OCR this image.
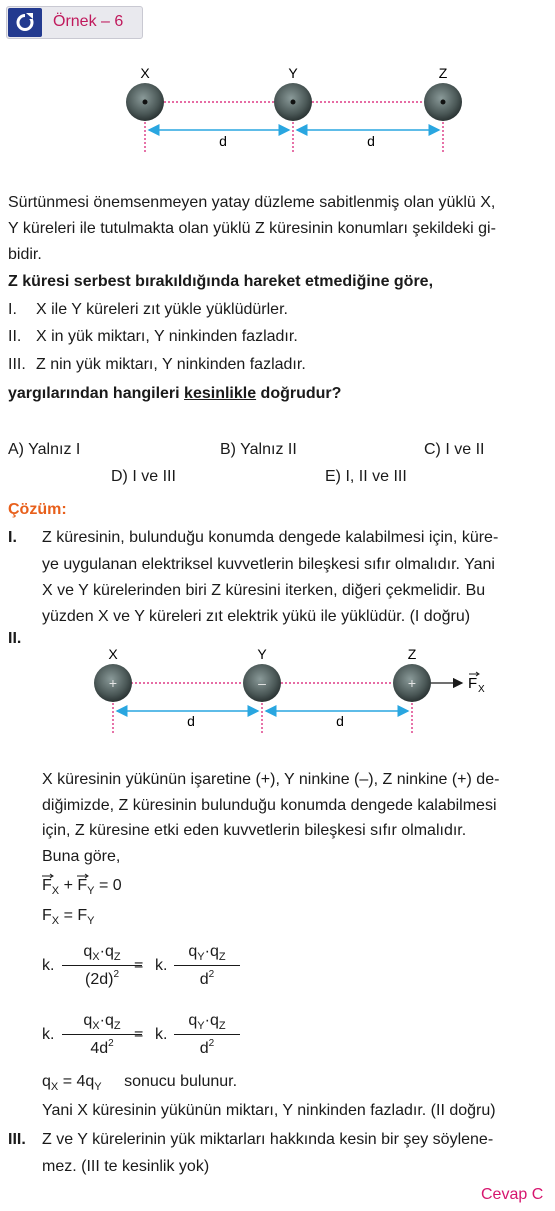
Örnek – 6
X	Y	Z
d	d
Sürtünmesi önemsenmeyen yatay düzleme sabitlenmiş olan yüklü X,
Y küreleri ile tutulmakta olan yüklü Z küresinin konumları şekildeki gi-
bidir.
Z küresi serbest bırakıldığında hareket etmediğine göre,
I. X ile Y küreleri zıt yükle yüklüdürler.
II. X in yük miktarı, Y ninkinden fazladır.
III. Z nin yük miktarı, Y ninkinden fazladır.
yargılarından hangileri kesinlikle doğrudur?
A) Yalnız I	B) Yalnız II	C) I ve II
D) I ve III	E) I, II ve III
Çözüm:
I. Z küresinin, bulunduğu konumda dengede kalabilmesi için, küre-
ye uygulanan elektriksel kuvvetlerin bileşkesi sıfır olmalıdır. Yani
X ve Y kürelerinden biri Z küresini iterken, diğeri çekmelidir. Bu
yüzden X ve Y küreleri zıt elektrik yükü ile yüklüdür. (I doğru)
II.
+	–	+	F X
X	Y	Z
d	d
X küresinin yükünün işaretine (+), Y ninkine (–), Z ninkine (+) de-
diğimizde, Z küresinin bulunduğu konumda dengede kalabilmesi
için, Z küresine etki eden kuvvetlerin bileşkesi sıfır olmalıdır.
Buna göre,
$F_X + F_Y = 0$
$F_X = F_Y$
k.
$q_X\cdot q_Z$
$(2d)^2$
= k.
$q_Y\cdot q_Z$
$d^2$
k.
$q_X\cdot q_Z$
$4d^2$
= k.
$q_Y\cdot q_Z$
$d^2$
$q_X = 4q_Y$ sonucu bulunur.
Yani X küresinin yükünün miktarı, Y ninkinden fazladır. (II doğru)
III. Z ve Y kürelerinin yük miktarları hakkında kesin bir şey söylene-
mez. (III te kesinlik yok)
Cevap C
